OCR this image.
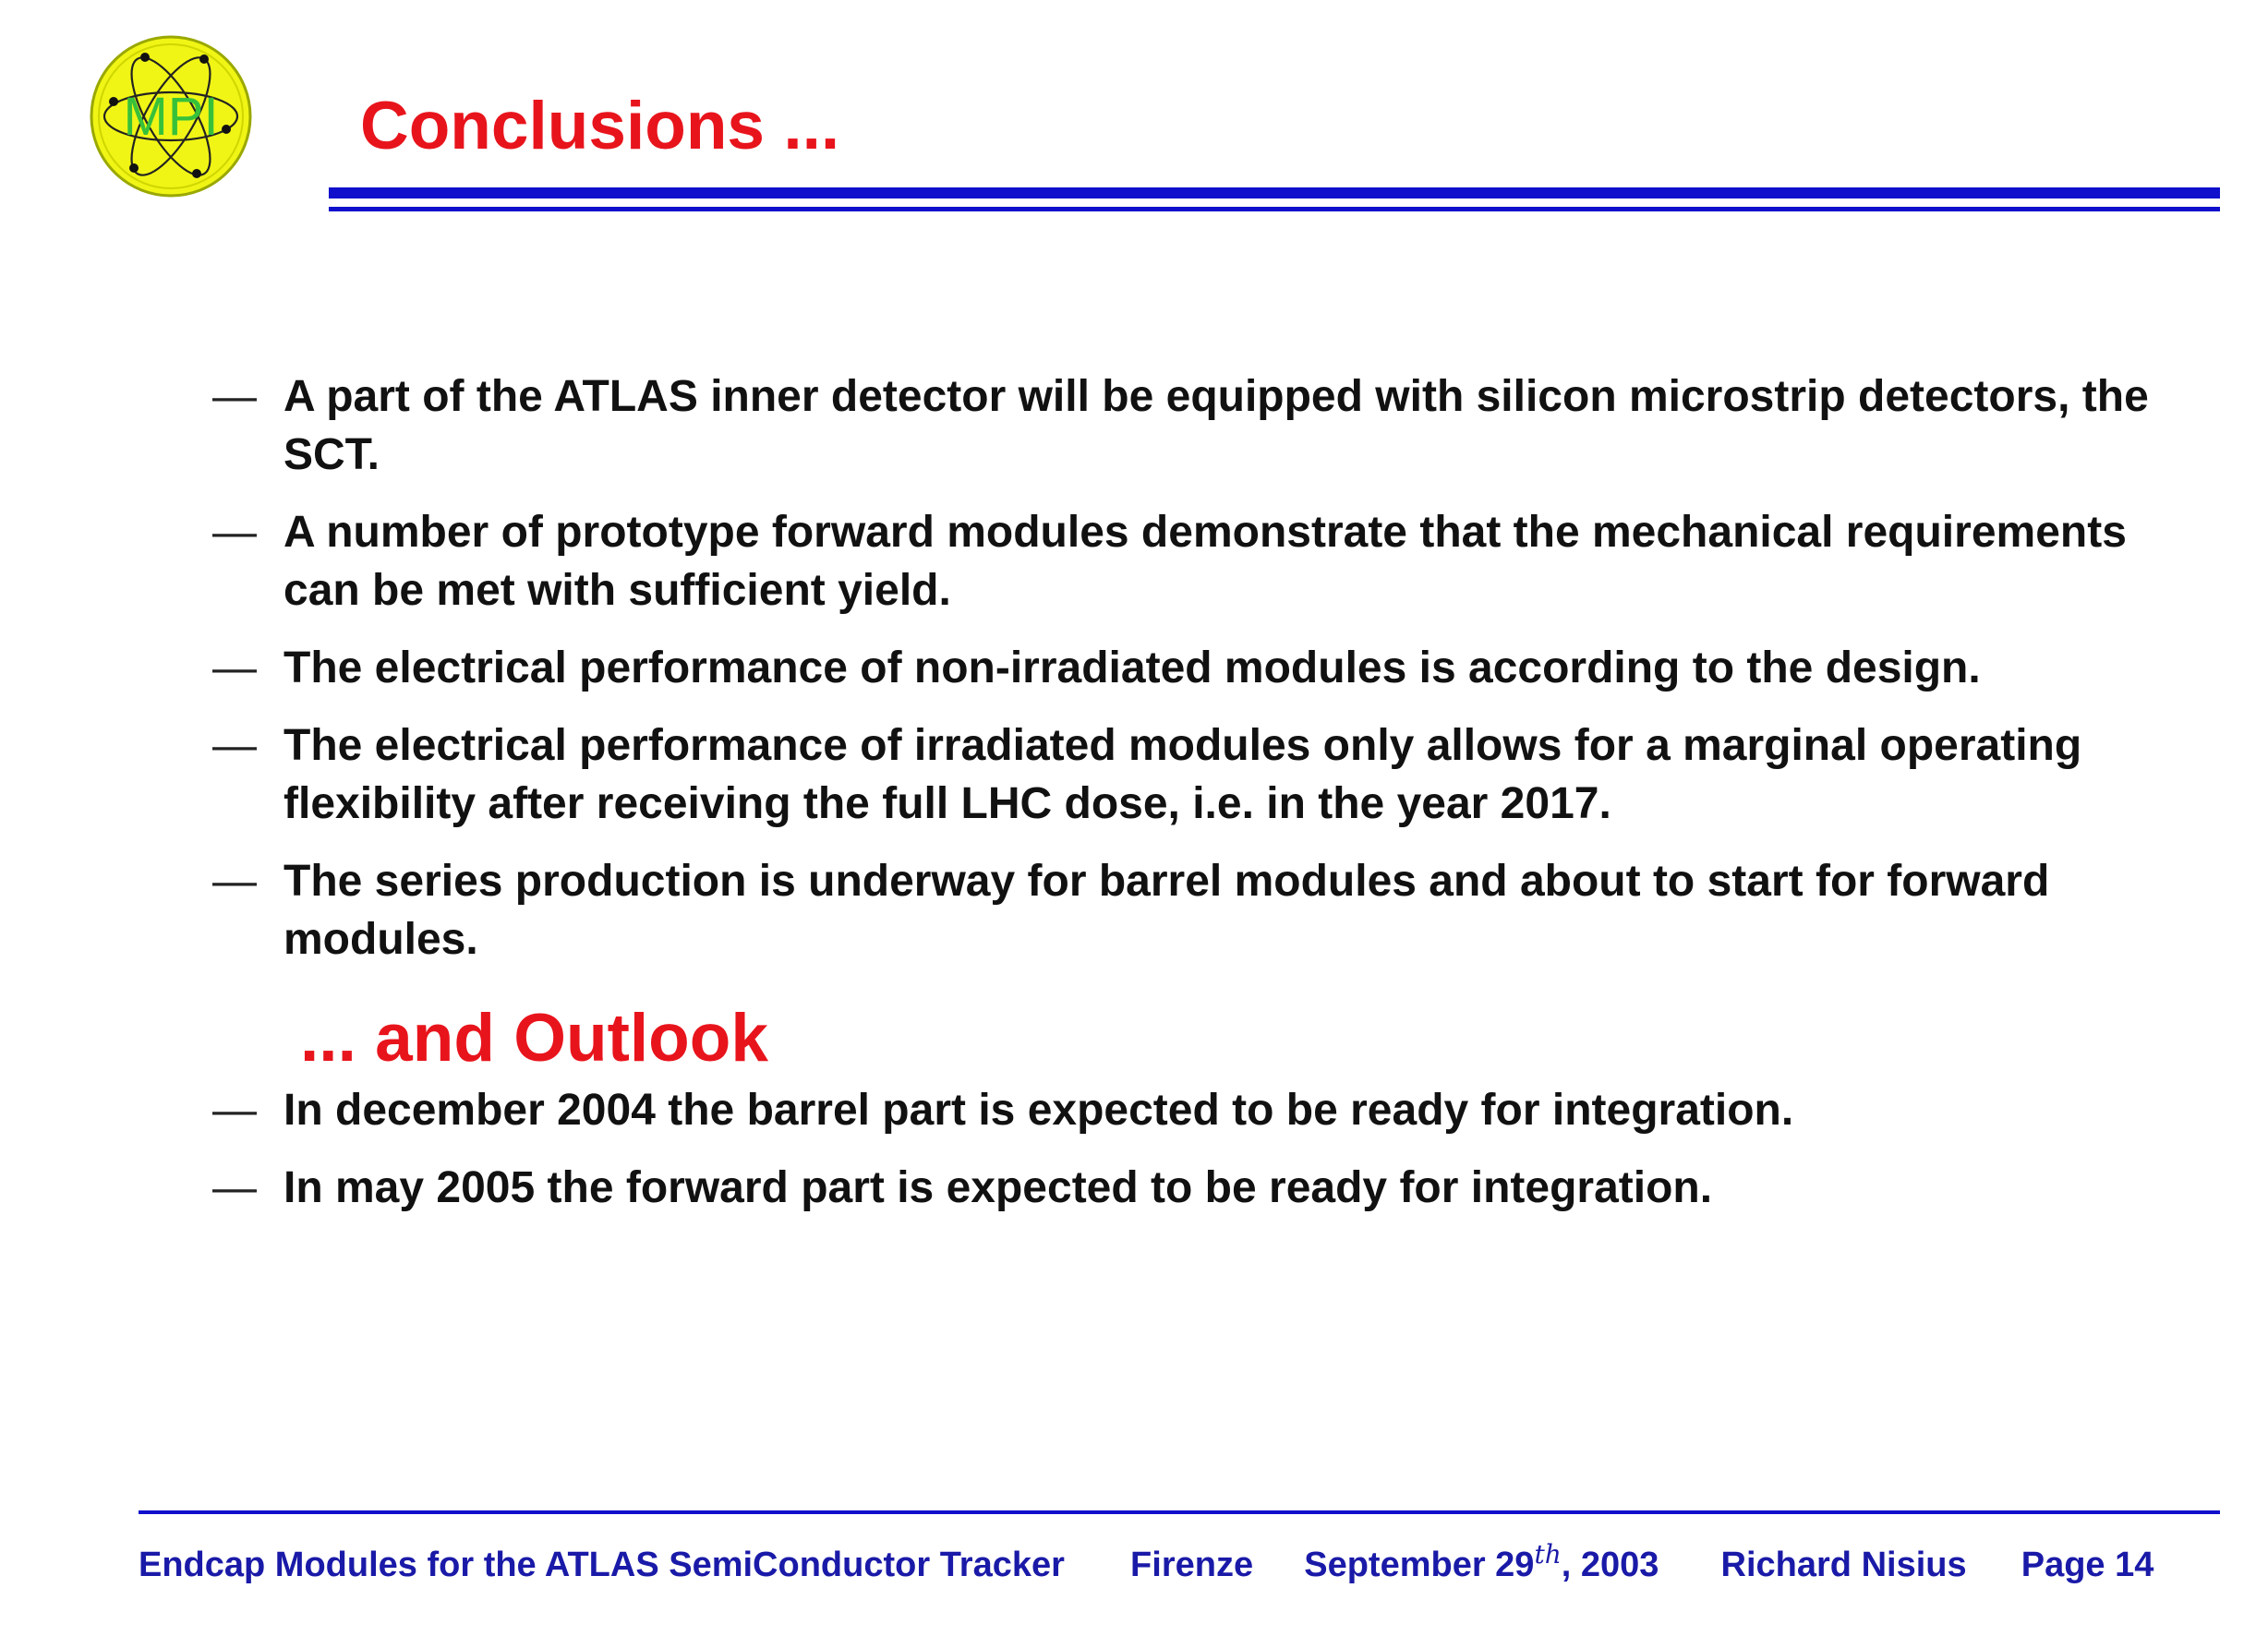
MPI Conclusions ...
— A part of the ATLAS inner detector will be equipped with silicon microstrip detectors, the SCT.
— A number of prototype forward modules demonstrate that the mechanical requirements can be met with sufficient yield.
— The electrical performance of non-irradiated modules is according to the design.
— The electrical performance of irradiated modules only allows for a marginal operating flexibility after receiving the full LHC dose, i.e. in the year 2017.
— The series production is underway for barrel modules and about to start for forward modules.
... and Outlook
— In december 2004 the barrel part is expected to be ready for integration.
— In may 2005 the forward part is expected to be ready for integration.
Endcap Modules for the ATLAS SemiConductor Tracker Firenze September 29th, 2003 Richard Nisius Page 14
